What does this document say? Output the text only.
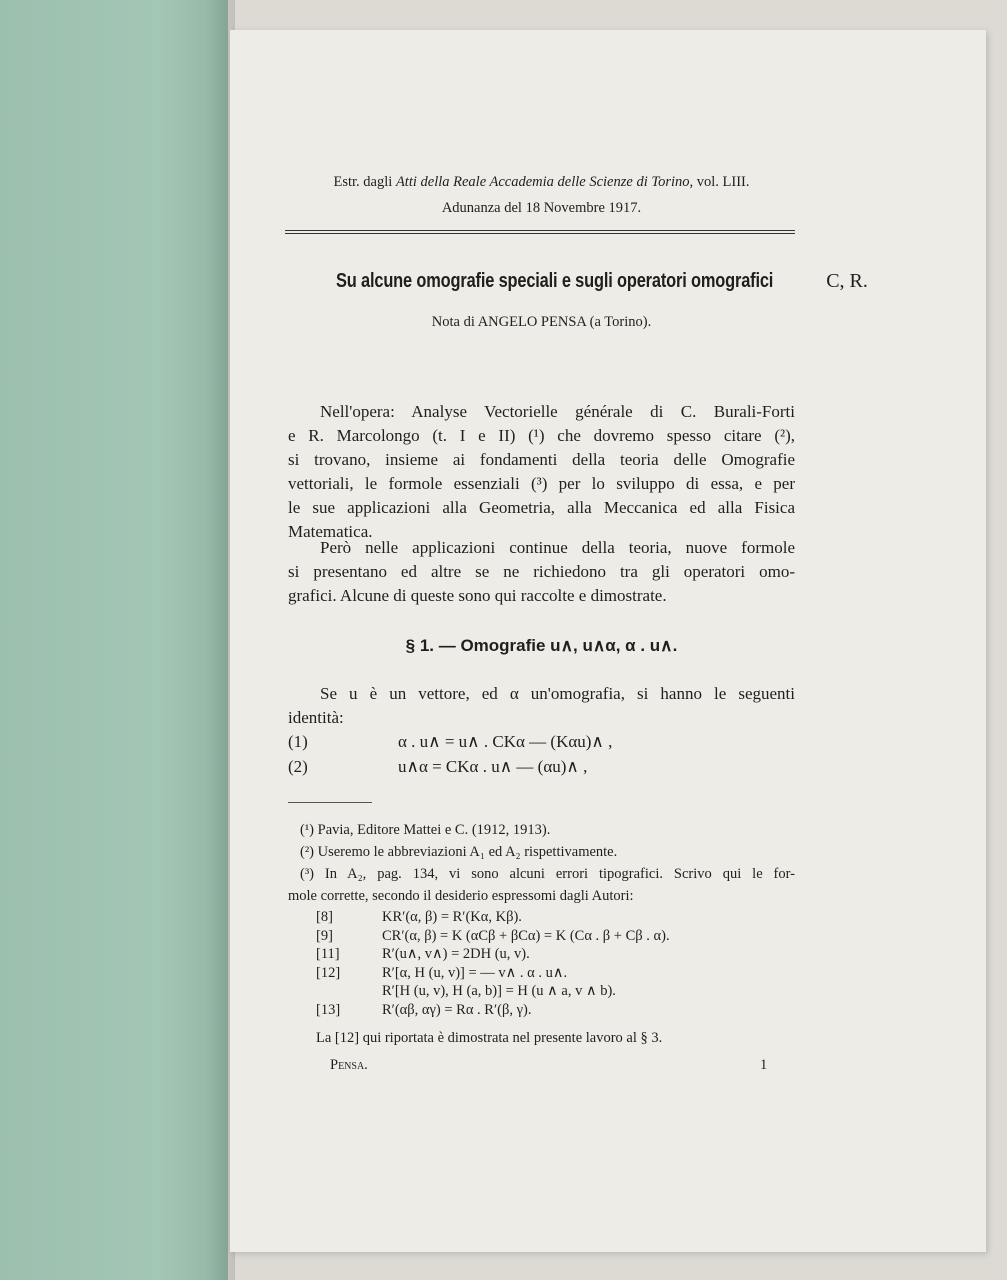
Estr. dagli Atti della Reale Accademia delle Scienze di Torino, vol. LIII.
Adunanza del 18 Novembre 1917.
Su alcune omografie speciali e sugli operatori omografici C, R.
Nota di ANGELO PENSA (a Torino).
Nell'opera: Analyse Vectorielle générale di C. Burali-Forti
e R. Marcolongo (t. I e II) (¹) che dovremo spesso citare (²),
si trovano, insieme ai fondamenti della teoria delle Omografie
vettoriali, le formole essenziali (³) per lo sviluppo di essa, e per
le sue applicazioni alla Geometria, alla Meccanica ed alla Fisica
Matematica.
Però nelle applicazioni continue della teoria, nuove formole
si presentano ed altre se ne richiedono tra gli operatori omo-
grafici. Alcune di queste sono qui raccolte e dimostrate.
§ 1. — Omografie u∧, u∧α, α . u∧.
Se u è un vettore, ed α un'omografia, si hanno le seguenti
identità:
(1)	α . u∧ = u∧ . CKα — (Kαu)∧ ,
(2)	u∧α = CKα . u∧ — (αu)∧ ,
(¹) Pavia, Editore Mattei e C. (1912, 1913).
(²) Useremo le abbreviazioni A₁ ed A₂ rispettivamente.
(³) In A₂, pag. 134, vi sono alcuni errori tipografici. Scrivo qui le for-
mole corrette, secondo il desiderio espressomi dagli Autori:
[8]	KR′(α, β) = R′(Kα, Kβ).
[9]	CR′(α, β) = K (αCβ + βCα) = K (Cα . β + Cβ . α).
[11]	R′(u∧, v∧) = 2DH (u, v).
[12]	R′[α, H (u, v)] = — v∧ . α . u∧.
R′[H (u, v), H (a, b)] = H (u ∧ a, v ∧ b).
[13]	R′(αβ, αγ) = Rα . R′(β, γ).
La [12] qui riportata è dimostrata nel presente lavoro al § 3.
Pensa.	1
